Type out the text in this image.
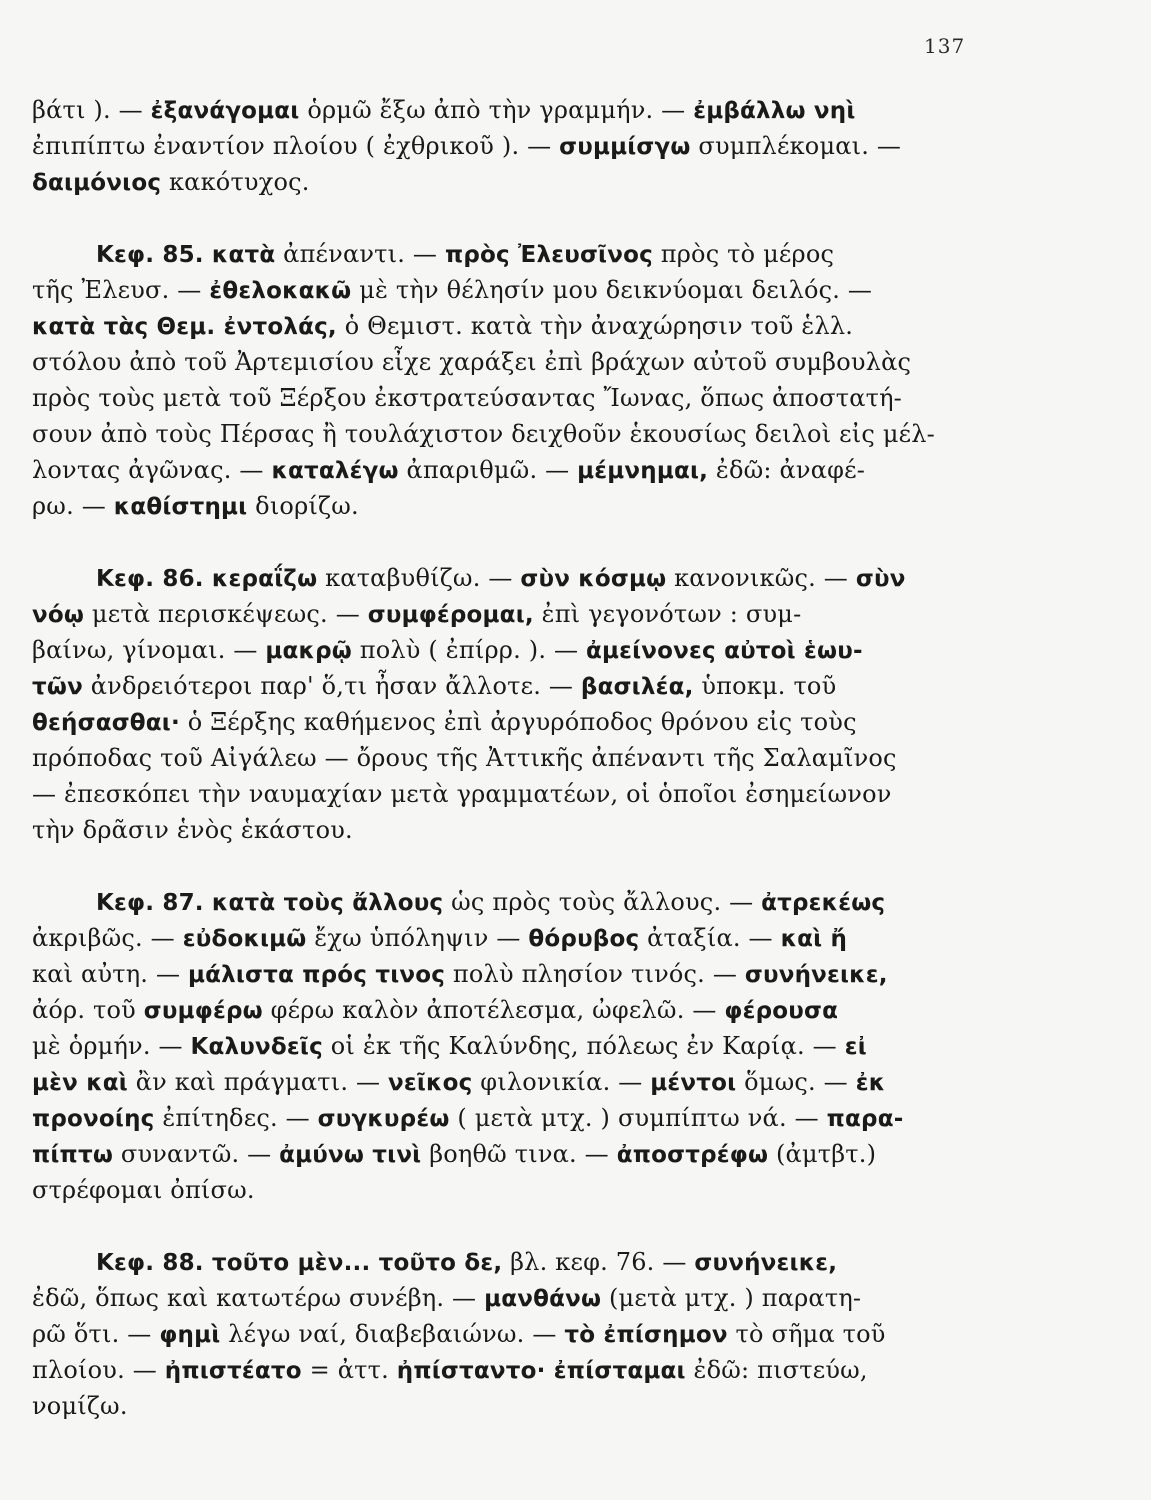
137
βάτι ). — ἐξανάγομαι ὁρμῶ ἔξω ἀπὸ τὴν γραμμήν. — ἐμβάλλω νηὶ
ἐπιπίπτω ἐναντίον πλοίου ( ἐχθρικοῦ ). — συμμίσγω συμπλέκομαι. —
δαιμόνιος κακότυχος.
Κεφ. 85. κατὰ ἀπέναντι. — πρὸς Ἐλευσῖνος πρὸς τὸ μέρος
τῆς Ἐλευσ. — ἐθελοκακῶ μὲ τὴν θέλησίν μου δεικνύομαι δειλός. —
κατὰ τὰς Θεμ. ἐντολάς, ὁ Θεμιστ. κατὰ τὴν ἀναχώρησιν τοῦ ἑλλ.
στόλου ἀπὸ τοῦ Ἀρτεμισίου εἶχε χαράξει ἐπὶ βράχων αὐτοῦ συμβουλὰς
πρὸς τοὺς μετὰ τοῦ Ξέρξου ἐκστρατεύσαντας Ἴωνας, ὅπως ἀποστατή-
σουν ἀπὸ τοὺς Πέρσας ἢ τουλάχιστον δειχθοῦν ἑκουσίως δειλοὶ εἰς μέλ-
λοντας ἀγῶνας. — καταλέγω ἀπαριθμῶ. — μέμνημαι, ἐδῶ: ἀναφέ-
ρω. — καθίστημι διορίζω.
Κεφ. 86. κεραΐζω καταβυθίζω. — σὺν κόσμῳ κανονικῶς. — σὺν
νόῳ μετὰ περισκέψεως. — συμφέρομαι, ἐπὶ γεγονότων : συμ-
βαίνω, γίνομαι. — μακρῷ πολὺ ( ἐπίρρ. ). — ἀμείνονες αὐτοὶ ἑωυ-
τῶν ἀνδρειότεροι παρ' ὅ,τι ἦσαν ἄλλοτε. — βασιλέα, ὑποκμ. τοῦ
θεήσασθαι· ὁ Ξέρξης καθήμενος ἐπὶ ἀργυρόποδος θρόνου εἰς τοὺς
πρόποδας τοῦ Αἰγάλεω — ὄρους τῆς Ἀττικῆς ἀπέναντι τῆς Σαλαμῖνος
— ἐπεσκόπει τὴν ναυμαχίαν μετὰ γραμματέων, οἱ ὁποῖοι ἐσημείωνον
τὴν δρᾶσιν ἑνὸς ἑκάστου.
Κεφ. 87. κατὰ τοὺς ἄλλους ὡς πρὸς τοὺς ἄλλους. — ἀτρεκέως
ἀκριβῶς. — εὐδοκιμῶ ἔχω ὑπόληψιν — θόρυβος ἀταξία. — καὶ ἤ
καὶ αὐτη. — μάλιστα πρός τινος πολὺ πλησίον τινός. — συνήνεικε,
ἀόρ. τοῦ συμφέρω φέρω καλὸν ἀποτέλεσμα, ὠφελῶ. — φέρουσα
μὲ ὁρμήν. — Καλυνδεῖς οἱ ἐκ τῆς Καλύνδης, πόλεως ἐν Καρίᾳ. — εἰ
μὲν καὶ ἂν καὶ πράγματι. — νεῖκος φιλονικία. — μέντοι ὅμως. — ἐκ
προνοίης ἐπίτηδες. — συγκυρέω ( μετὰ μτχ. ) συμπίπτω νά. — παρα-
πίπτω συναντῶ. — ἀμύνω τινὶ βοηθῶ τινα. — ἀποστρέφω (ἀμτβτ.)
στρέφομαι ὀπίσω.
Κεφ. 88. τοῦτο μὲν... τοῦτο δε, βλ. κεφ. 76. — συνήνεικε,
ἐδῶ, ὅπως καὶ κατωτέρω συνέβη. — μανθάνω (μετὰ μτχ. ) παρατη-
ρῶ ὅτι. — φημὶ λέγω ναί, διαβεβαιώνω. — τὸ ἐπίσημον τὸ σῆμα τοῦ
πλοίου. — ἠπιστέατο = ἀττ. ἠπίσταντο· ἐπίσταμαι ἐδῶ: πιστεύω,
νομίζω.
